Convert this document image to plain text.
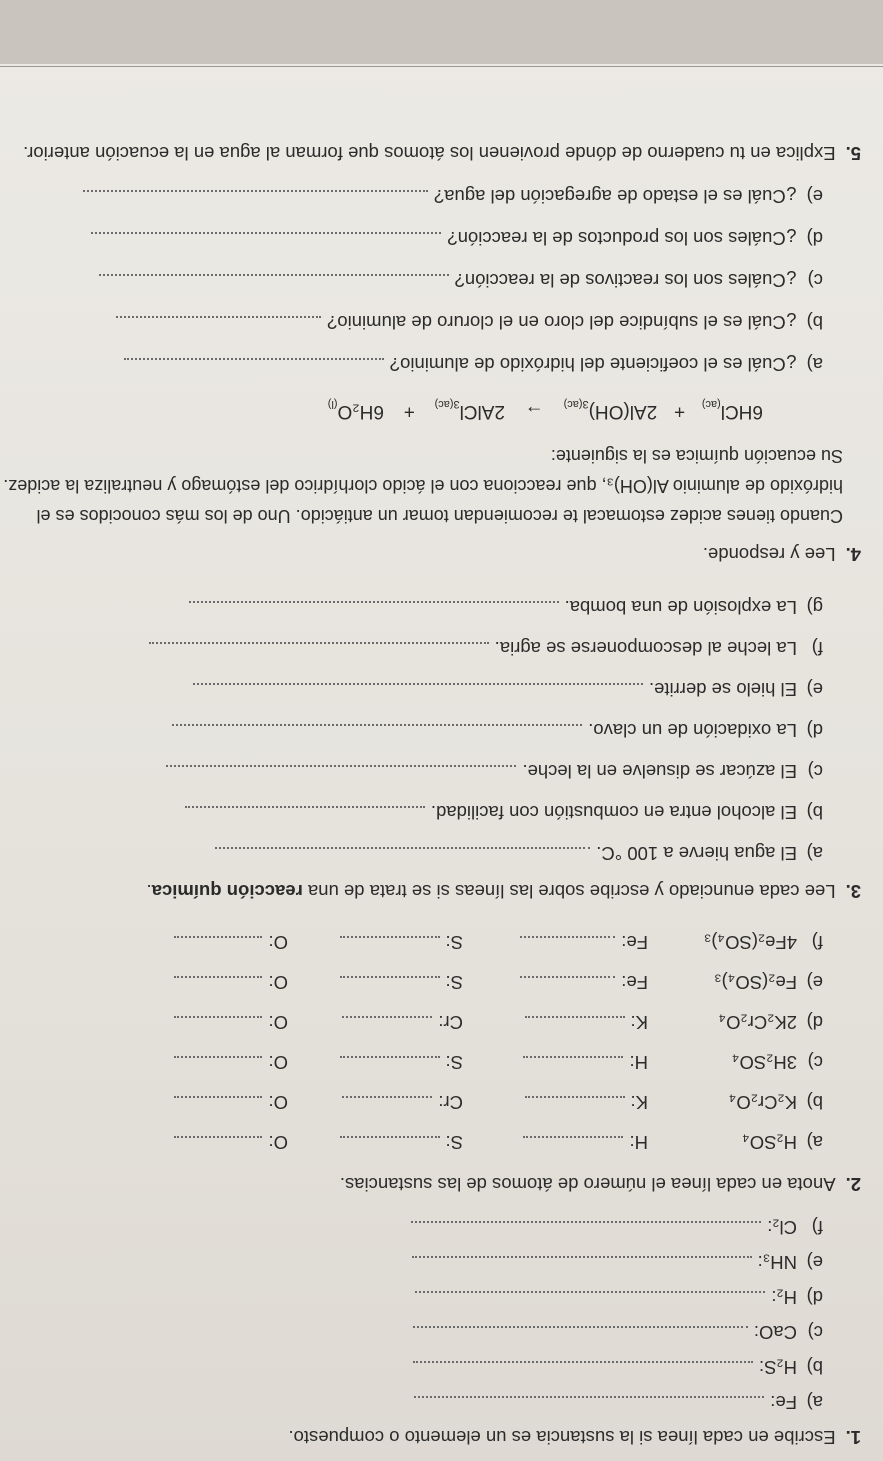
1.Escribe en cada línea si la sustancia es un elemento o compuesto.
a)Fe:
b)H₂S:
c)CaO:
d)H₂:
e)NH₃:
f)Cl₂:
2.Anota en cada línea el número de átomos de las sustancias.
a)H₂SO₄
H:
S:
O:
b)K₂Cr₂O₄
K:
Cr:
O:
c)3H₂SO₄
H:
S:
O:
d)2K₂Cr₂O₄
K:
Cr:
O:
e)Fe₂(SO₄)₃
Fe:
S:
O:
f)4Fe₂(SO₄)₃
Fe:
S:
O:
3.Lee cada enunciado y escribe sobre las líneas si se trata de una reacción química.
a)El agua hierve a 100 °C.
b)El alcohol entra en combustión con facilidad.
c)El azúcar se disuelve en la leche.
d)La oxidación de un clavo.
e)El hielo se derrite.
f)La leche al descomponerse se agria.
g)La explosión de una bomba.
4.Lee y responde.
Cuando tienes acidez estomacal te recomiendan tomar un antiácido. Uno de los más conocidos es el
hidróxido de aluminio Al(OH)₃, que reacciona con el ácido clorhídrico del estómago y neutraliza la acidez.
Su ecuación química es la siguiente:
$6HCl_{(ac)} + 2Al(OH)_{3(ac)}$ → 2AlCl$_{3(ac)}$ + $6H_2O_{(l)}$
a)¿Cuál es el coeficiente del hidróxido de aluminio?
b)¿Cuál es el subíndice del cloro en el cloruro de aluminio?
c)¿Cuáles son los reactivos de la reacción?
d)¿Cuáles son los productos de la reacción?
e)¿Cuál es el estado de agregación del agua?
5.Explica en tu cuaderno de dónde provienen los átomos que forman al agua en la ecuación anterior.
